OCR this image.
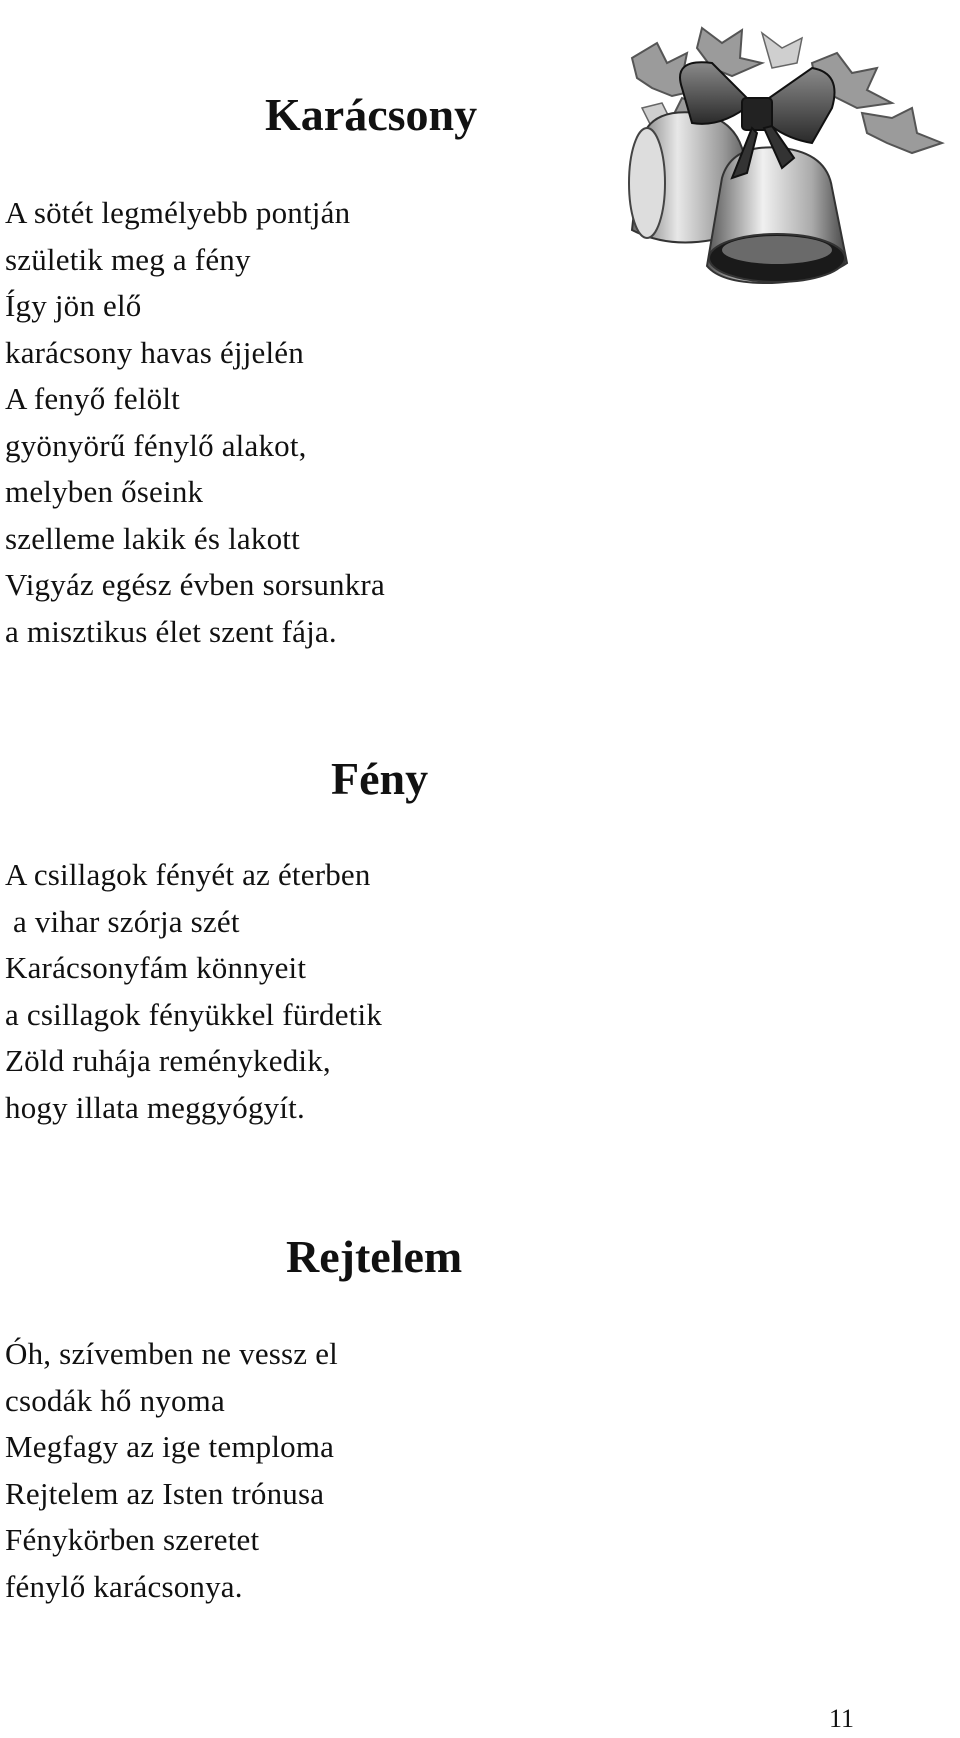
Karácsony
A sötét legmélyebb pontján
születik meg a fény
Így jön elő
karácsony havas éjjelén
A fenyő felölt
gyönyörű fénylő alakot,
melyben őseink
szelleme lakik és lakott
Vigyáz egész évben sorsunkra
a misztikus élet szent fája.
Fény
A csillagok fényét az éterben
a vihar szórja szét
Karácsonyfám könnyeit
a csillagok fényükkel fürdetik
Zöld ruhája reménykedik,
hogy illata meggyógyít.
Rejtelem
Óh, szívemben ne vessz el
csodák hő nyoma
Megfagy az ige temploma
Rejtelem az Isten trónusa
Fénykörben szeretet
fénylő karácsonya.
11
